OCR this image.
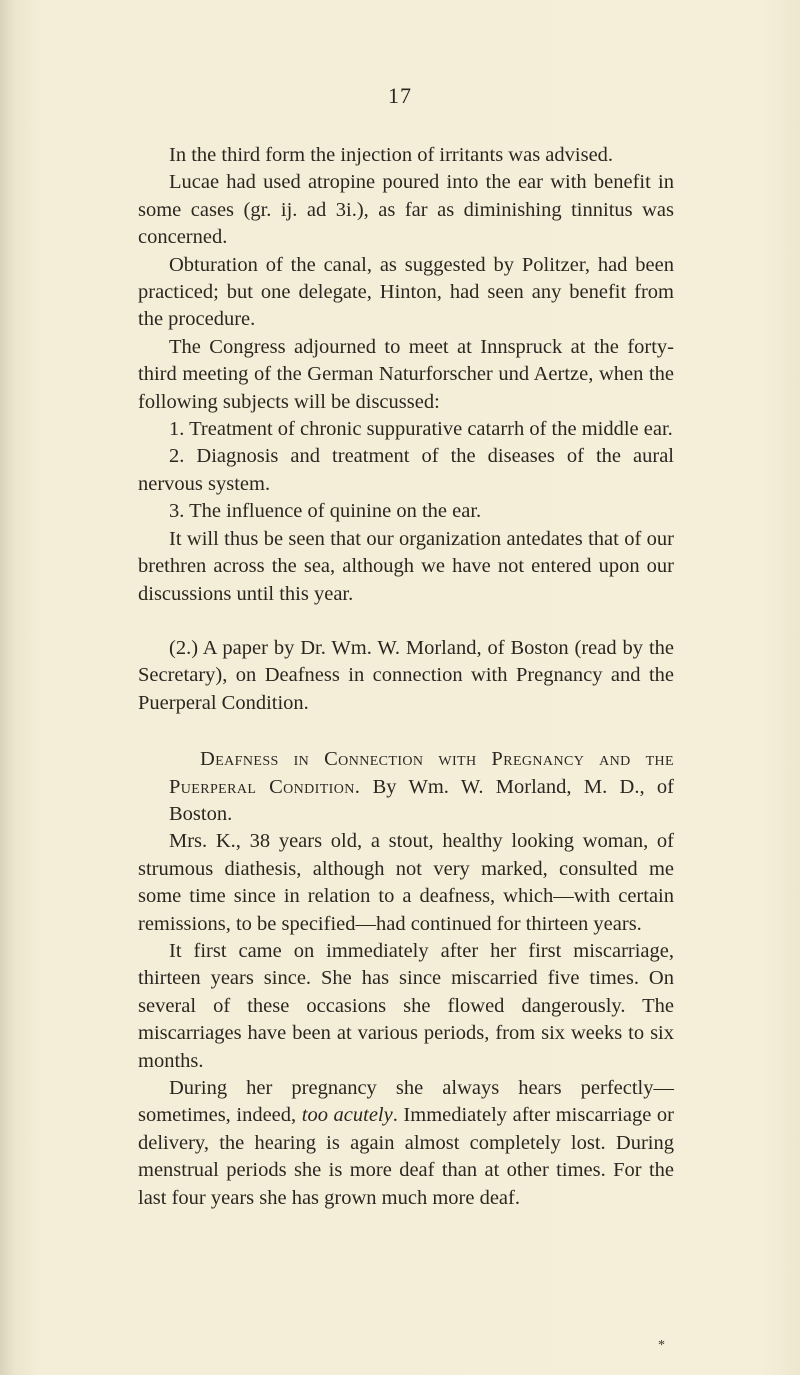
17

In the third form the injection of irritants was advised.

Lucae had used atropine poured into the ear with benefit in some cases (gr. ij. ad 3i.), as far as diminishing tinnitus was concerned.

Obturation of the canal, as suggested by Politzer, had been practiced; but one delegate, Hinton, had seen any benefit from the procedure.

The Congress adjourned to meet at Innspruck at the forty-third meeting of the German Naturforscher und Aertze, when the following subjects will be discussed:

1. Treatment of chronic suppurative catarrh of the middle ear.

2. Diagnosis and treatment of the diseases of the aural nervous system.

3. The influence of quinine on the ear.

It will thus be seen that our organization antedates that of our brethren across the sea, although we have not entered upon our discussions until this year.

(2.) A paper by Dr. Wm. W. Morland, of Boston (read by the Secretary), on Deafness in connection with Pregnancy and the Puerperal Condition.

Deafness in Connection with Pregnancy and the Puerperal Condition. By Wm. W. Morland, M. D., of Boston.

Mrs. K., 38 years old, a stout, healthy looking woman, of strumous diathesis, although not very marked, consulted me some time since in relation to a deafness, which—with certain remissions, to be specified—had continued for thirteen years.

It first came on immediately after her first miscarriage, thirteen years since. She has since miscarried five times. On several of these occasions she flowed dangerously. The miscarriages have been at various periods, from six weeks to six months.

During her pregnancy she always hears perfectly—sometimes, indeed, too acutely. Immediately after miscarriage or delivery, the hearing is again almost completely lost. During menstrual periods she is more deaf than at other times. For the last four years she has grown much more deaf.

*
